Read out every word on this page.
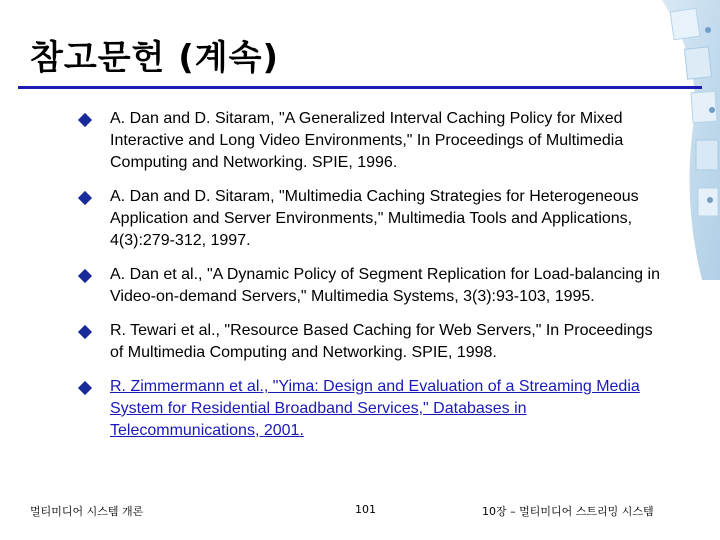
참고문헌 (계속)
A. Dan and D. Sitaram, "A Generalized Interval Caching Policy for Mixed Interactive and Long Video Environments," In Proceedings of Multimedia Computing and Networking. SPIE, 1996.
A. Dan and D. Sitaram, "Multimedia Caching Strategies for Heterogeneous Application and Server Environments," Multimedia Tools and Applications, 4(3):279-312, 1997.
A. Dan et al., "A Dynamic Policy of Segment Replication for Load-balancing in Video-on-demand Servers," Multimedia Systems, 3(3):93-103, 1995.
R. Tewari et al., "Resource Based Caching for Web Servers," In Proceedings of Multimedia Computing and Networking. SPIE, 1998.
R. Zimmermann et al., "Yima: Design and Evaluation of a Streaming Media System for Residential Broadband Services," Databases in Telecommunications, 2001.
멀티미디어 시스템 개론	101	10장 – 멀티미디어 스트리밍 시스템
